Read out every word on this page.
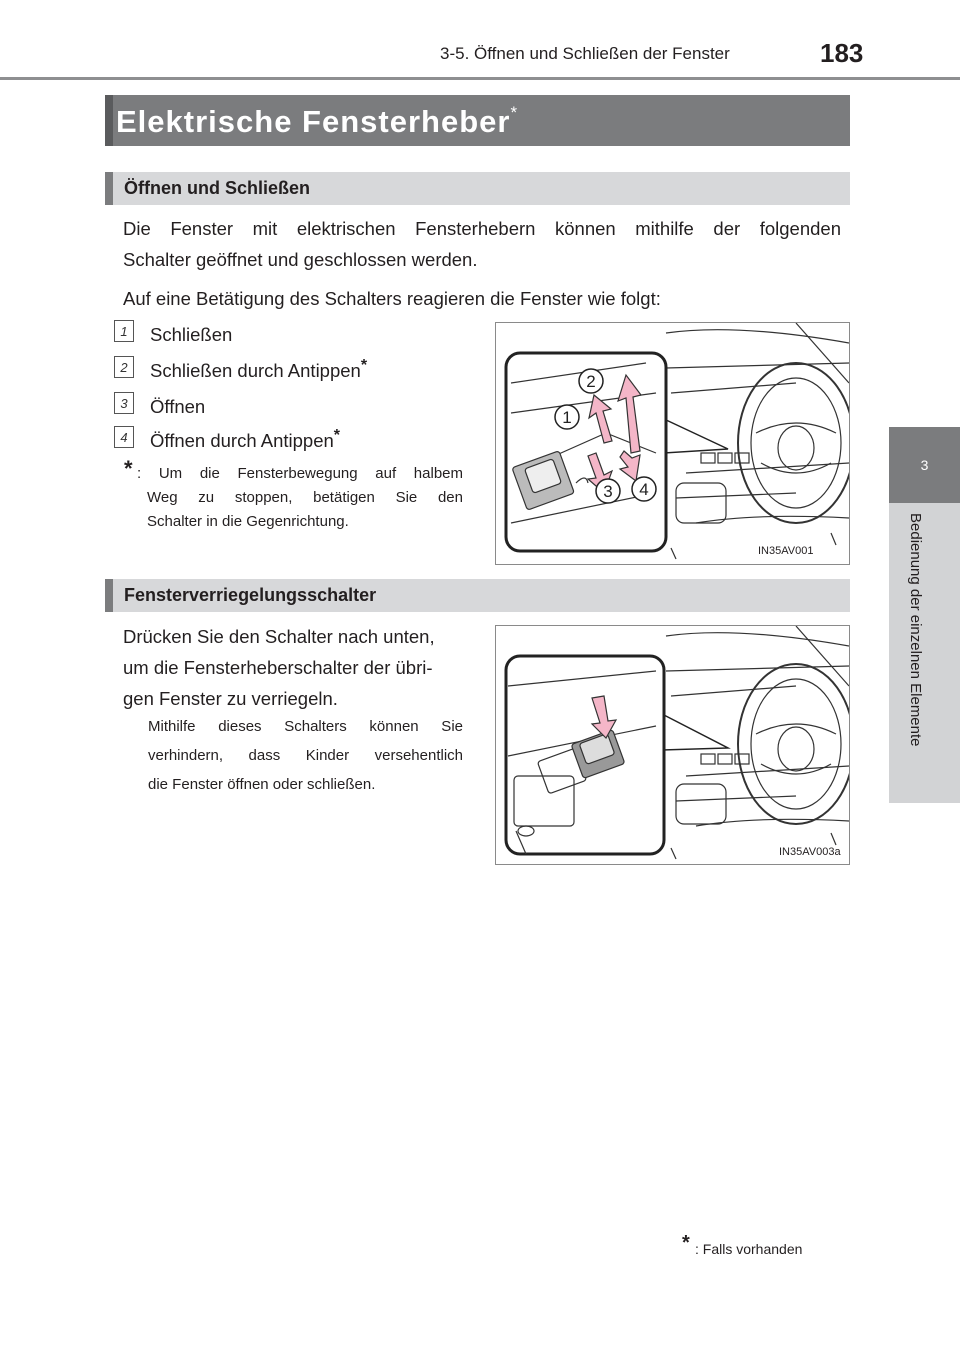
3-5. Öffnen und Schließen der Fenster	183
3
Bedienung der einzelnen Elemente
Elektrische Fensterheber*
Öffnen und Schließen
Die Fenster mit elektrischen Fensterhebern können mithilfe der folgenden
Schalter geöffnet und geschlossen werden.
Auf eine Betätigung des Schalters reagieren die Fenster wie folgt:
1	Schließen
2	Schließen durch Antippen*
3	Öffnen
4	Öffnen durch Antippen*
* : Um die Fensterbewegung auf halbem
Weg zu stoppen, betätigen Sie den
Schalter in die Gegenrichtung.
2
1
3 4
IN35AV001
Fensterverriegelungsschalter
Drücken Sie den Schalter nach unten,
um die Fensterheberschalter der übri-
gen Fenster zu verriegeln.
Mithilfe dieses Schalters können Sie
verhindern, dass Kinder versehentlich
die Fenster öffnen oder schließen.
IN35AV003a
* : Falls vorhanden
